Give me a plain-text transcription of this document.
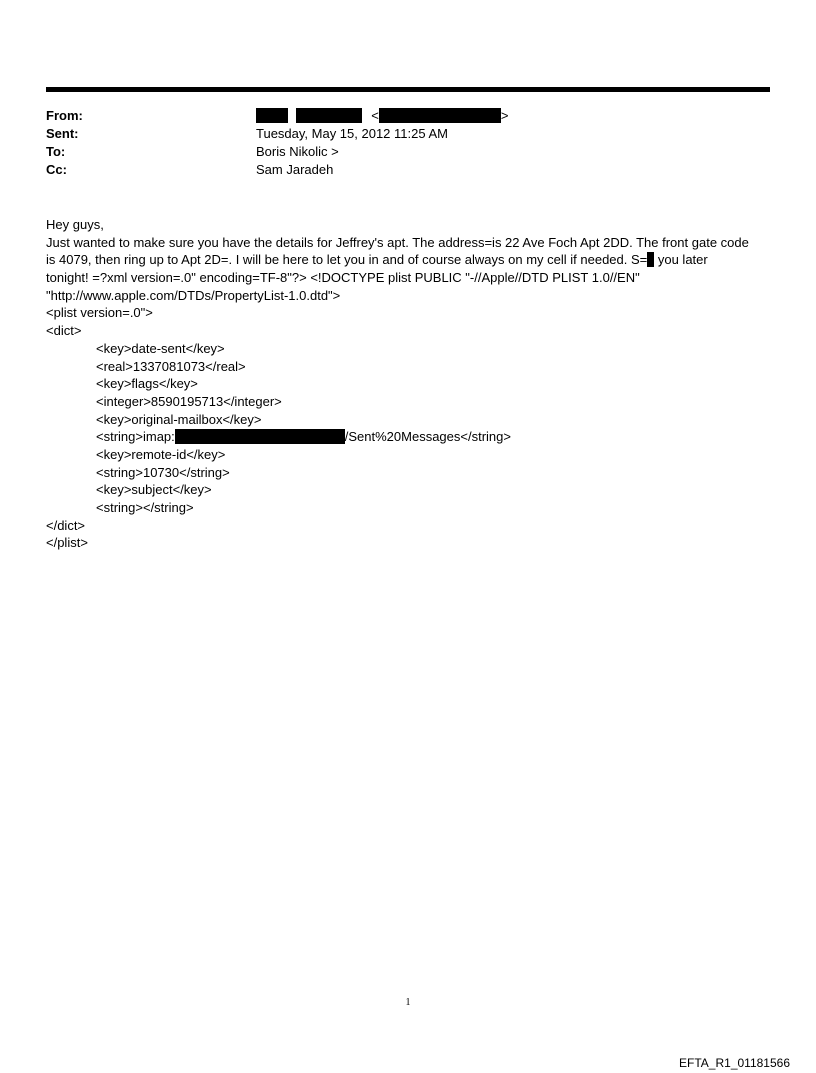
From:	<	>
Sent:	Tuesday, May 15, 2012 11:25 AM
To:	Boris Nikolic >
Cc:	Sam Jaradeh
Hey guys,
Just wanted to make sure you have the details for Jeffrey's apt. The address=is 22 Ave Foch Apt 2DD. The front gate code
is 4079, then ring up to Apt 2D=. I will be here to let you in and of course always on my cell if needed. S= you later
tonight! =?xml version=.0" encoding=TF-8"?> <!DOCTYPE plist PUBLIC "-//Apple//DTD PLIST 1.0//EN"
"http://www.apple.com/DTDs/PropertyList-1.0.dtd">
<plist version=.0">
<dict>
<key>date-sent</key>
<real>1337081073</real>
<key>flags</key>
<integer>8590195713</integer>
<key>original-mailbox</key>
<string>imap:	/Sent%20Messages</string>
<key>remote-id</key>
<string>10730</string>
<key>subject</key>
<string></string>
</dict>
</plist>
1
EFTA_R1_01181566
